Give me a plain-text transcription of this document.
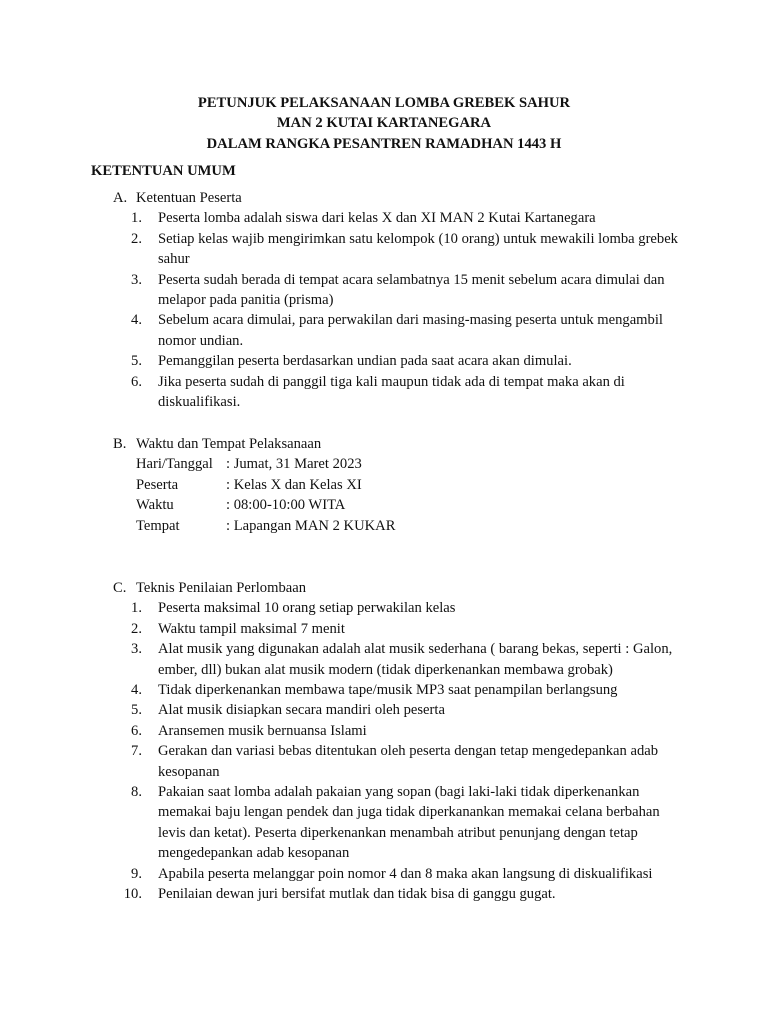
PETUNJUK PELAKSANAAN LOMBA GREBEK SAHUR
MAN 2 KUTAI KARTANEGARA
DALAM RANGKA PESANTREN RAMADHAN 1443 H
KETENTUAN UMUM
A. Ketentuan Peserta
1. Peserta lomba adalah siswa dari kelas X dan XI MAN 2 Kutai Kartanegara
2. Setiap kelas wajib mengirimkan satu kelompok (10 orang) untuk mewakili lomba grebek sahur
3. Peserta sudah berada di tempat acara selambatnya 15 menit sebelum acara dimulai dan melapor pada panitia (prisma)
4. Sebelum acara dimulai, para perwakilan dari masing-masing peserta untuk mengambil nomor undian.
5. Pemanggilan peserta berdasarkan undian pada saat acara akan dimulai.
6. Jika peserta sudah di panggil tiga kali maupun tidak ada di tempat maka akan di diskualifikasi.
B. Waktu dan Tempat Pelaksanaan
Hari/Tanggal : Jumat, 31 Maret 2023
Peserta	: Kelas X dan Kelas XI
Waktu	: 08:00-10:00 WITA
Tempat	: Lapangan MAN 2 KUKAR
C. Teknis Penilaian Perlombaan
1. Peserta maksimal 10 orang setiap perwakilan kelas
2. Waktu tampil maksimal 7 menit
3. Alat musik yang digunakan adalah alat musik sederhana ( barang bekas, seperti : Galon, ember, dll) bukan alat musik modern (tidak diperkenankan membawa grobak)
4. Tidak diperkenankan membawa tape/musik MP3 saat penampilan berlangsung
5. Alat musik disiapkan secara mandiri oleh peserta
6. Aransemen musik bernuansa Islami
7. Gerakan dan variasi bebas ditentukan oleh peserta dengan tetap mengedepankan adab kesopanan
8. Pakaian saat lomba adalah pakaian yang sopan (bagi laki-laki tidak diperkenankan memakai baju lengan pendek dan juga tidak diperkanankan memakai celana berbahan levis dan ketat). Peserta diperkenankan menambah atribut penunjang dengan tetap mengedepankan adab kesopanan
9. Apabila peserta melanggar poin nomor 4 dan 8 maka akan langsung di diskualifikasi
10. Penilaian dewan juri bersifat mutlak dan tidak bisa di ganggu gugat.
